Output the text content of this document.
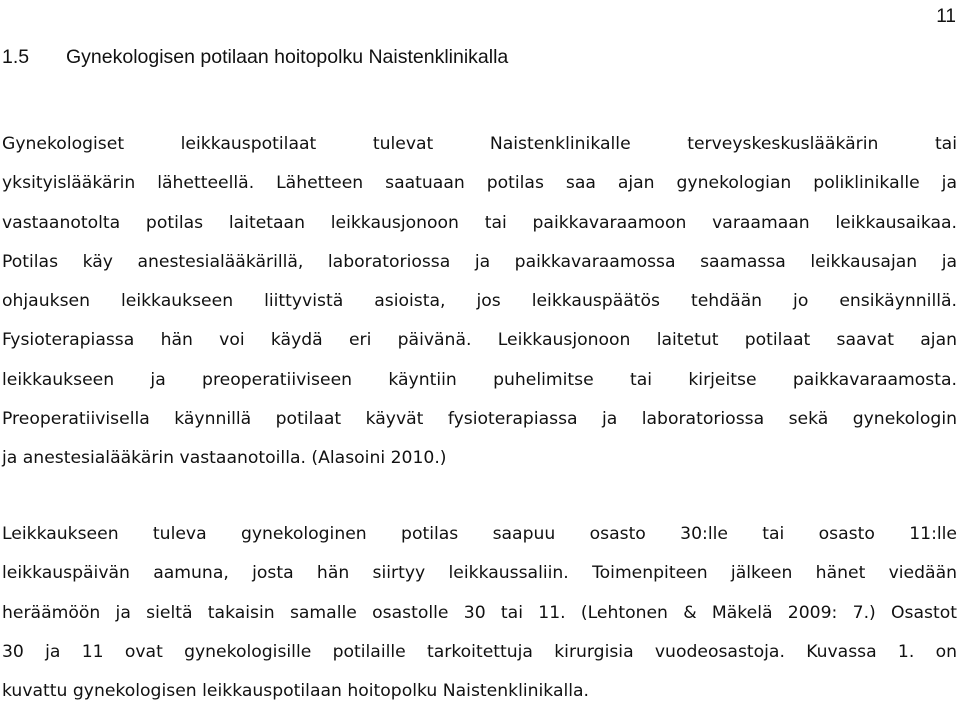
11
1.5	Gynekologisen potilaan hoitopolku Naistenklinikalla
Gynekologiset leikkauspotilaat tulevat Naistenklinikalle terveyskeskuslääkärin tai
yksityislääkärin lähetteellä. Lähetteen saatuaan potilas saa ajan gynekologian poliklinikalle ja
vastaanotolta potilas laitetaan leikkausjonoon tai paikkavaraamoon varaamaan leikkausaikaa.
Potilas käy anestesialääkärillä, laboratoriossa ja paikkavaraamossa saamassa leikkausajan ja
ohjauksen leikkaukseen liittyvistä asioista, jos leikkauspäätös tehdään jo ensikäynnillä.
Fysioterapiassa hän voi käydä eri päivänä. Leikkausjonoon laitetut potilaat saavat ajan
leikkaukseen ja preoperatiiviseen käyntiin puhelimitse tai kirjeitse paikkavaraamosta.
Preoperatiivisella käynnillä potilaat käyvät fysioterapiassa ja laboratoriossa sekä gynekologin
ja anestesialääkärin vastaanotoilla. (Alasoini 2010.)
Leikkaukseen tuleva gynekologinen potilas saapuu osasto 30:lle tai osasto 11:lle
leikkauspäivän aamuna, josta hän siirtyy leikkaussaliin. Toimenpiteen jälkeen hänet viedään
heräämöön ja sieltä takaisin samalle osastolle 30 tai 11. (Lehtonen & Mäkelä 2009: 7.) Osastot
30 ja 11 ovat gynekologisille potilaille tarkoitettuja kirurgisia vuodeosastoja. Kuvassa 1. on
kuvattu gynekologisen leikkauspotilaan hoitopolku Naistenklinikalla.
